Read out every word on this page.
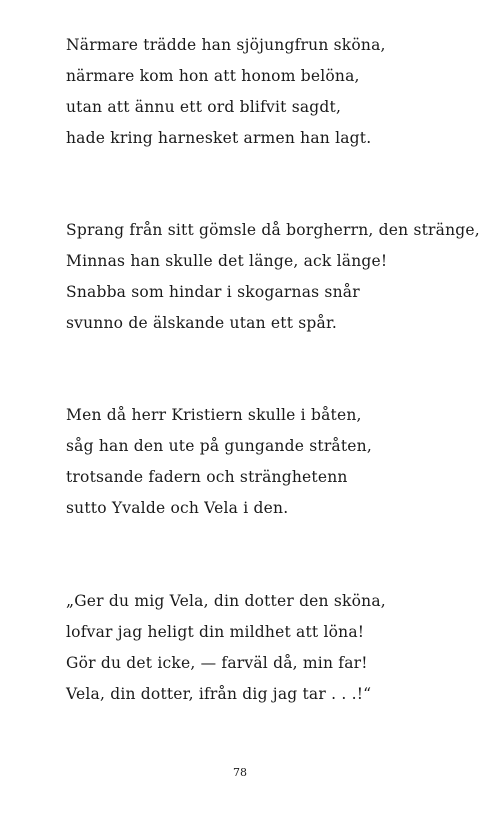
Närmare trädde han sjöjungfrun sköna,
närmare kom hon att honom belöna,
utan att ännu ett ord blifvit sagdt,
hade kring harnesket armen han lagt.
Sprang från sitt gömsle då borgherrn, den stränge,
Minnas han skulle det länge, ack länge!
Snabba som hindar i skogarnas snår
svunno de älskande utan ett spår.
Men då herr Kristiern skulle i båten,
såg han den ute på gungande stråten,
trotsande fadern och stränghetenn
sutto Yvalde och Vela i den.
„Ger du mig Vela, din dotter den sköna,
lofvar jag heligt din mildhet att löna!
Gör du det icke, — farväl då, min far!
Vela, din dotter, ifrån dig jag tar . . .!“
78
